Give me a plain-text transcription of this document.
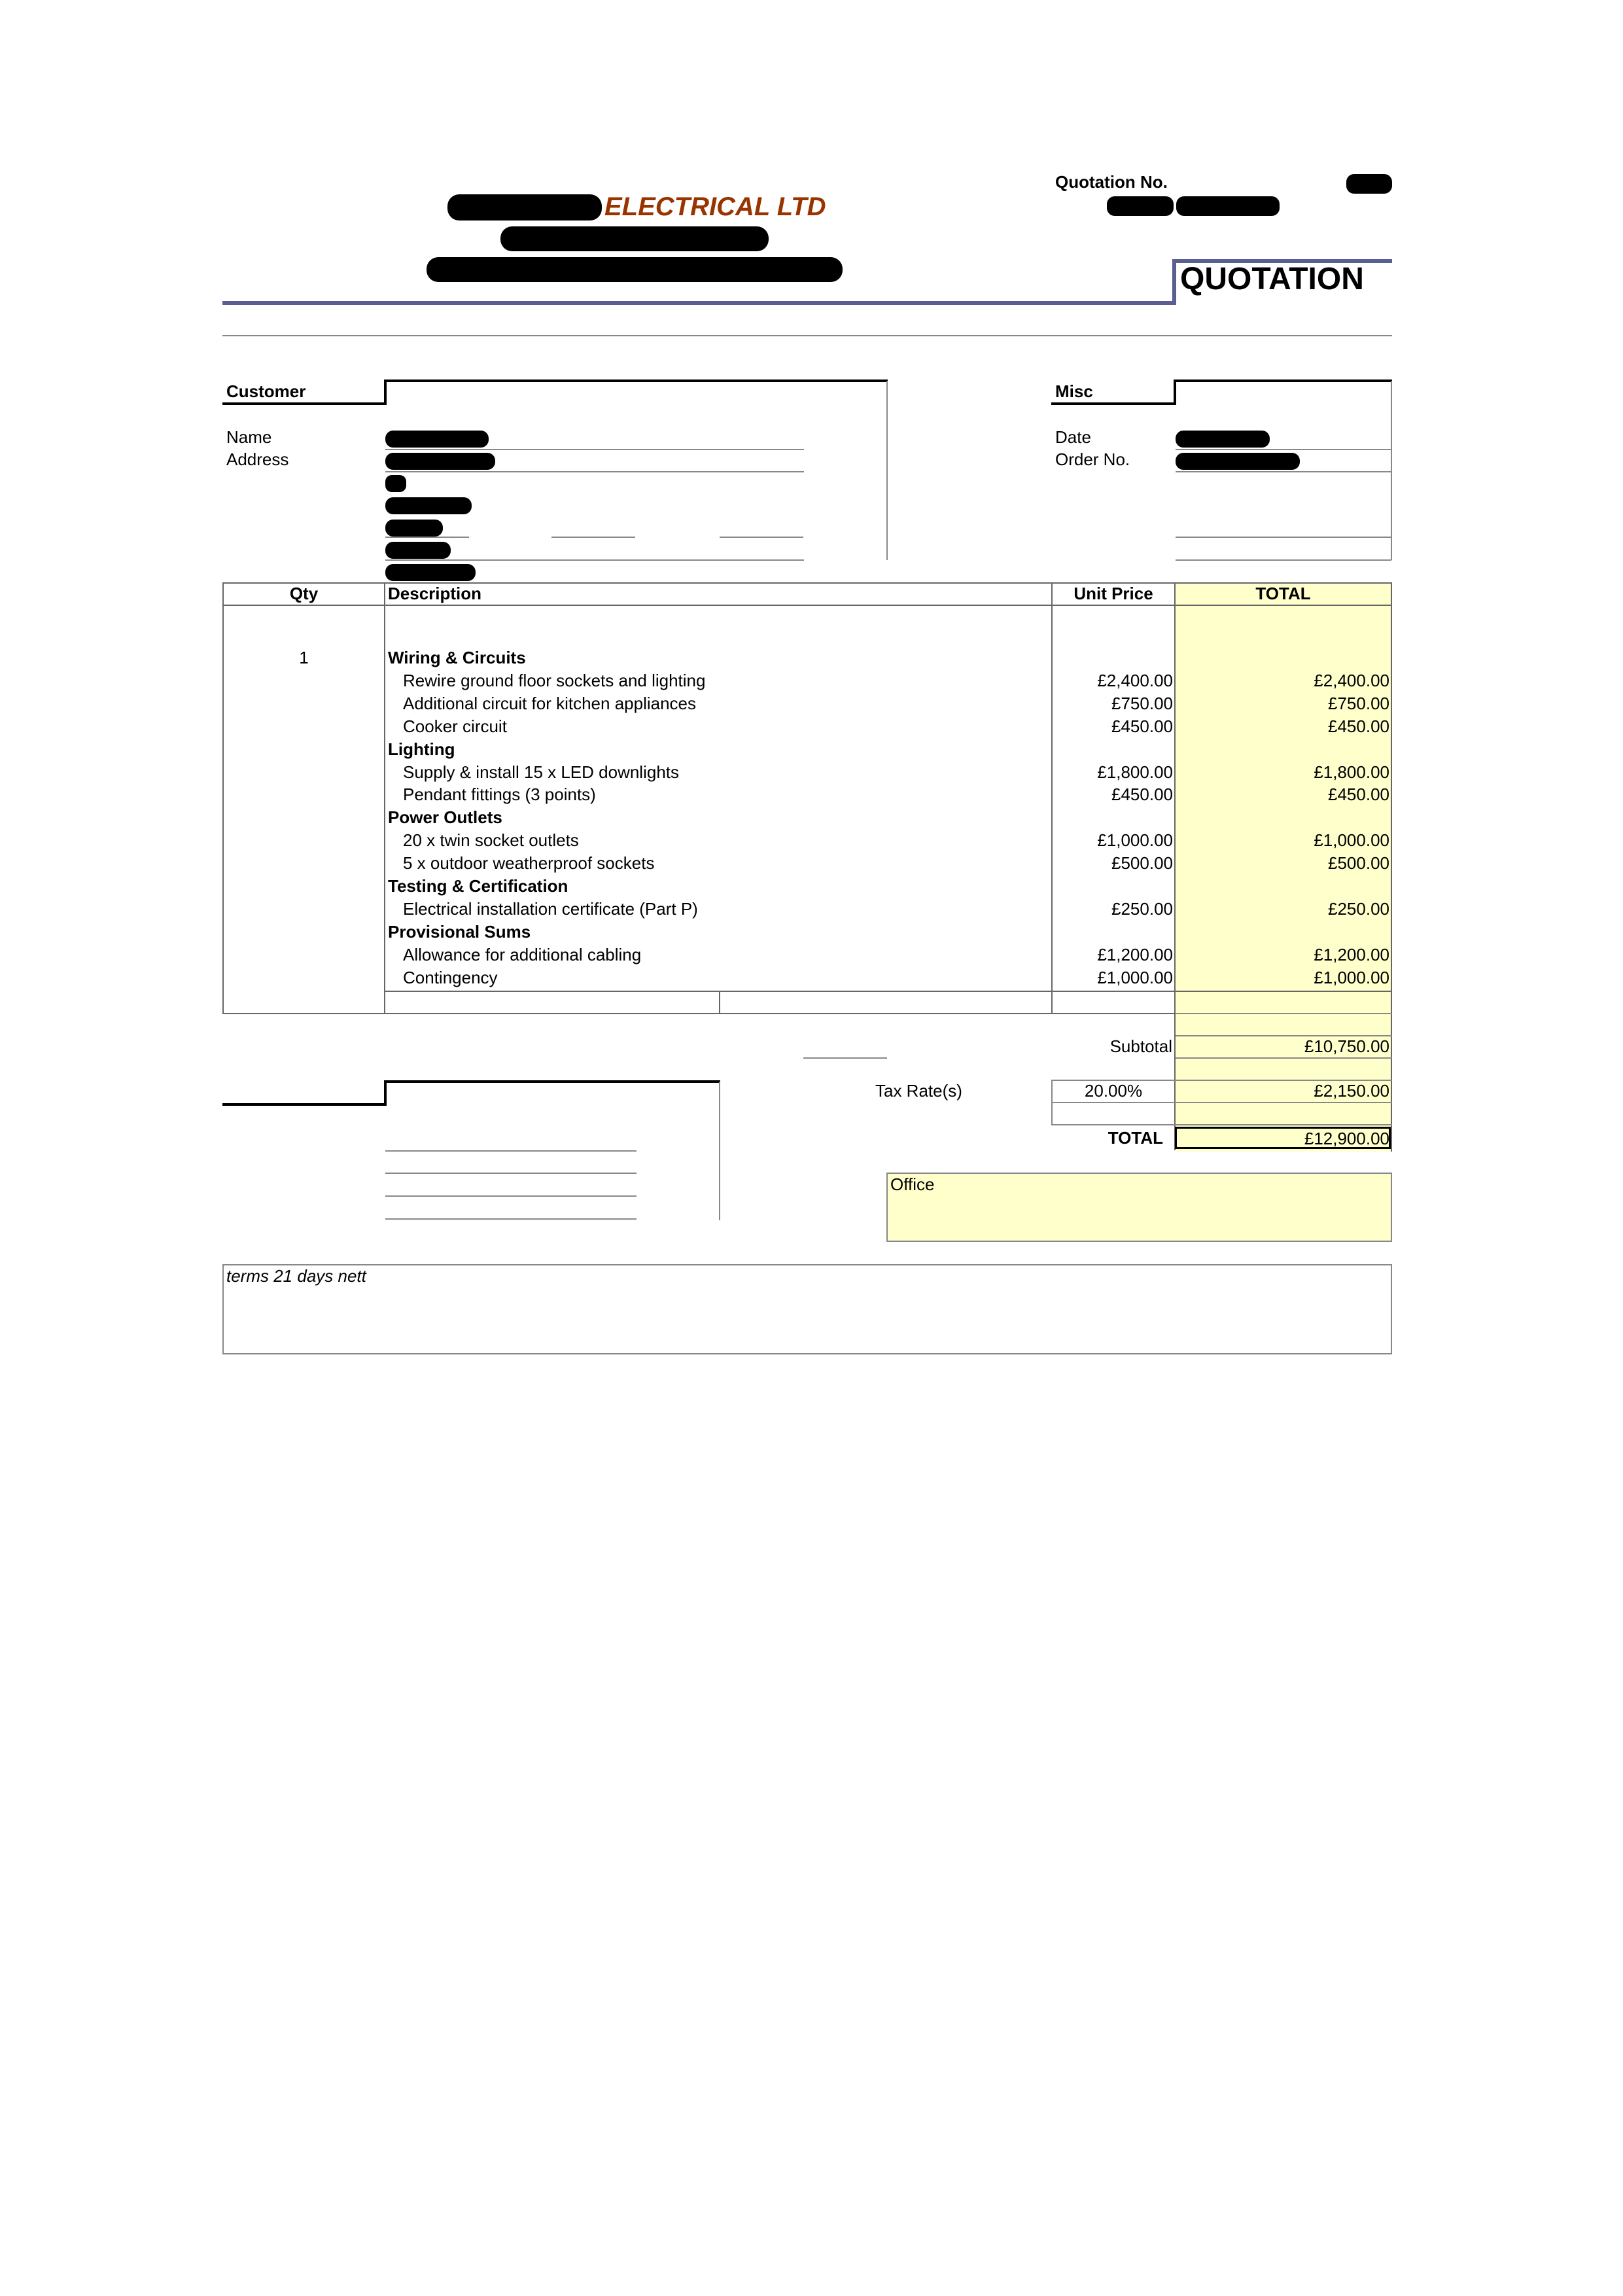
ELECTRICAL LTD
Quotation No.
QUOTATION
Customer
Name
Address
Misc
Date
Order No.
Qty	Description	Unit Price	TOTAL
1	Wiring & Circuits
Rewire ground floor sockets and lighting	£2,400.00	£2,400.00
Additional circuit for kitchen appliances	£750.00	£750.00
Cooker circuit	£450.00	£450.00
Lighting
Supply & install 15 x LED downlights	£1,800.00	£1,800.00
Pendant fittings (3 points)	£450.00	£450.00
Power Outlets
20 x twin socket outlets	£1,000.00	£1,000.00
5 x outdoor weatherproof sockets	£500.00	£500.00
Testing & Certification
Electrical installation certificate (Part P)	£250.00	£250.00
Provisional Sums
Allowance for additional cabling	£1,200.00	£1,200.00
Contingency	£1,000.00	£1,000.00
Subtotal	£10,750.00
Tax Rate(s)	20.00%	£2,150.00
TOTAL	£12,900.00
Office
terms 21 days nett
